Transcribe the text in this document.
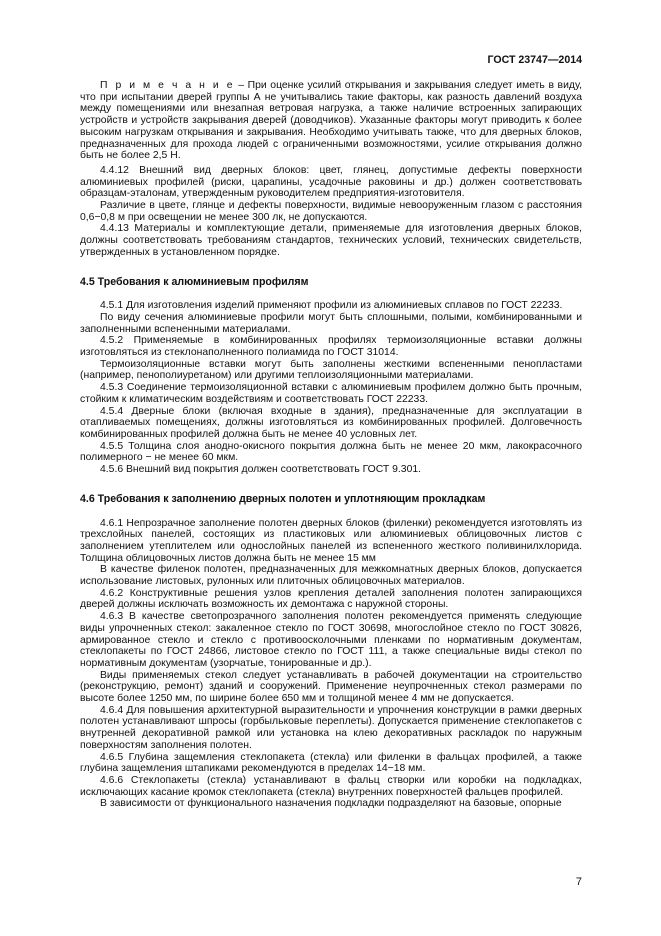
ГОСТ 23747—2014

П р и м е ч а н и е – При оценке усилий открывания и закрывания следует иметь в виду, что при испытании дверей группы А не учитывались такие факторы, как разность давлений воздуха между помещениями или внезапная ветровая нагрузка, а также наличие встроенных запирающих устройств и устройств закрывания дверей (доводчиков). Указанные факторы могут приводить к более высоким нагрузкам открывания и закрывания. Необходимо учитывать также, что для дверных блоков, предназначенных для прохода людей с ограниченными возможностями, усилие открывания должно быть не более 2,5 Н.

4.4.12 Внешний вид дверных блоков: цвет, глянец, допустимые дефекты поверхности алюминиевых профилей (риски, царапины, усадочные раковины и др.) должен соответствовать образцам-эталонам, утвержденным руководителем предприятия-изготовителя.

Различие в цвете, глянце и дефекты поверхности, видимые невооруженным глазом с расстояния 0,6−0,8 м при освещении не менее 300 лк, не допускаются.

4.4.13 Материалы и комплектующие детали, применяемые для изготовления дверных блоков, должны соответствовать требованиям стандартов, технических условий, технических свидетельств, утвержденных в установленном порядке.

4.5 Требования к алюминиевым профилям

4.5.1 Для изготовления изделий применяют профили из алюминиевых сплавов по ГОСТ 22233.

По виду сечения алюминиевые профили могут быть сплошными, полыми, комбинированными и заполненными вспененными материалами.

4.5.2 Применяемые в комбинированных профилях термоизоляционные вставки должны изготовляться из стеклонаполненного полиамида по ГОСТ 31014.

Термоизоляционные вставки могут быть заполнены жесткими вспененными пенопластами (например, пенополиуретаном) или другими теплоизоляционными материалами.

4.5.3 Соединение термоизоляционной вставки с алюминиевым профилем должно быть прочным, стойким к климатическим воздействиям и соответствовать ГОСТ 22233.

4.5.4 Дверные блоки (включая входные в здания), предназначенные для эксплуатации в отапливаемых помещениях, должны изготовляться из комбинированных профилей. Долговечность комбинированных профилей должна быть не менее 40 условных лет.

4.5.5 Толщина слоя анодно-окисного покрытия должна быть не менее 20 мкм, лакокрасочного полимерного − не менее 60 мкм.

4.5.6 Внешний вид покрытия должен соответствовать ГОСТ 9.301.

4.6 Требования к заполнению дверных полотен и уплотняющим прокладкам

4.6.1 Непрозрачное заполнение полотен дверных блоков (филенки) рекомендуется изготовлять из трехслойных панелей, состоящих из пластиковых или алюминиевых облицовочных листов с заполнением утеплителем или однослойных панелей из вспененного жесткого поливинилхлорида. Толщина облицовочных листов должна быть не менее 15 мм

В качестве филенок полотен, предназначенных для межкомнатных дверных блоков, допускается использование листовых, рулонных или плиточных облицовочных материалов.

4.6.2 Конструктивные решения узлов крепления деталей заполнения полотен запирающихся дверей должны исключать возможность их демонтажа с наружной стороны.

4.6.3 В качестве светопрозрачного заполнения полотен рекомендуется применять следующие виды упрочненных стекол: закаленное стекло по ГОСТ 30698, многослойное стекло по ГОСТ 30826, армированное стекло и стекло с противоосколочными пленками по нормативным документам, стеклопакеты по ГОСТ 24866, листовое стекло по ГОСТ 111, а также специальные виды стекол по нормативным документам (узорчатые, тонированные и др.).

Виды применяемых стекол следует устанавливать в рабочей документации на строительство (реконструкцию, ремонт) зданий и сооружений. Применение неупрочненных стекол размерами по высоте более 1250 мм, по ширине более 650 мм и толщиной менее 4 мм не допускается.

4.6.4 Для повышения архитектурной выразительности и упрочнения конструкции в рамки дверных полотен устанавливают шпросы (горбыльковые переплеты). Допускается применение стеклопакетов с внутренней декоративной рамкой или установка на клею декоративных раскладок по наружным поверхностям заполнения полотен.

4.6.5 Глубина защемления стеклопакета (стекла) или филенки в фальцах профилей, а также глубина защемления штапиками рекомендуются в пределах 14−18 мм.

4.6.6 Стеклопакеты (стекла) устанавливают в фальц створки или коробки на подкладках, исключающих касание кромок стеклопакета (стекла) внутренних поверхностей фальцев профилей.

В зависимости от функционального назначения подкладки подразделяют на базовые, опорные

7
